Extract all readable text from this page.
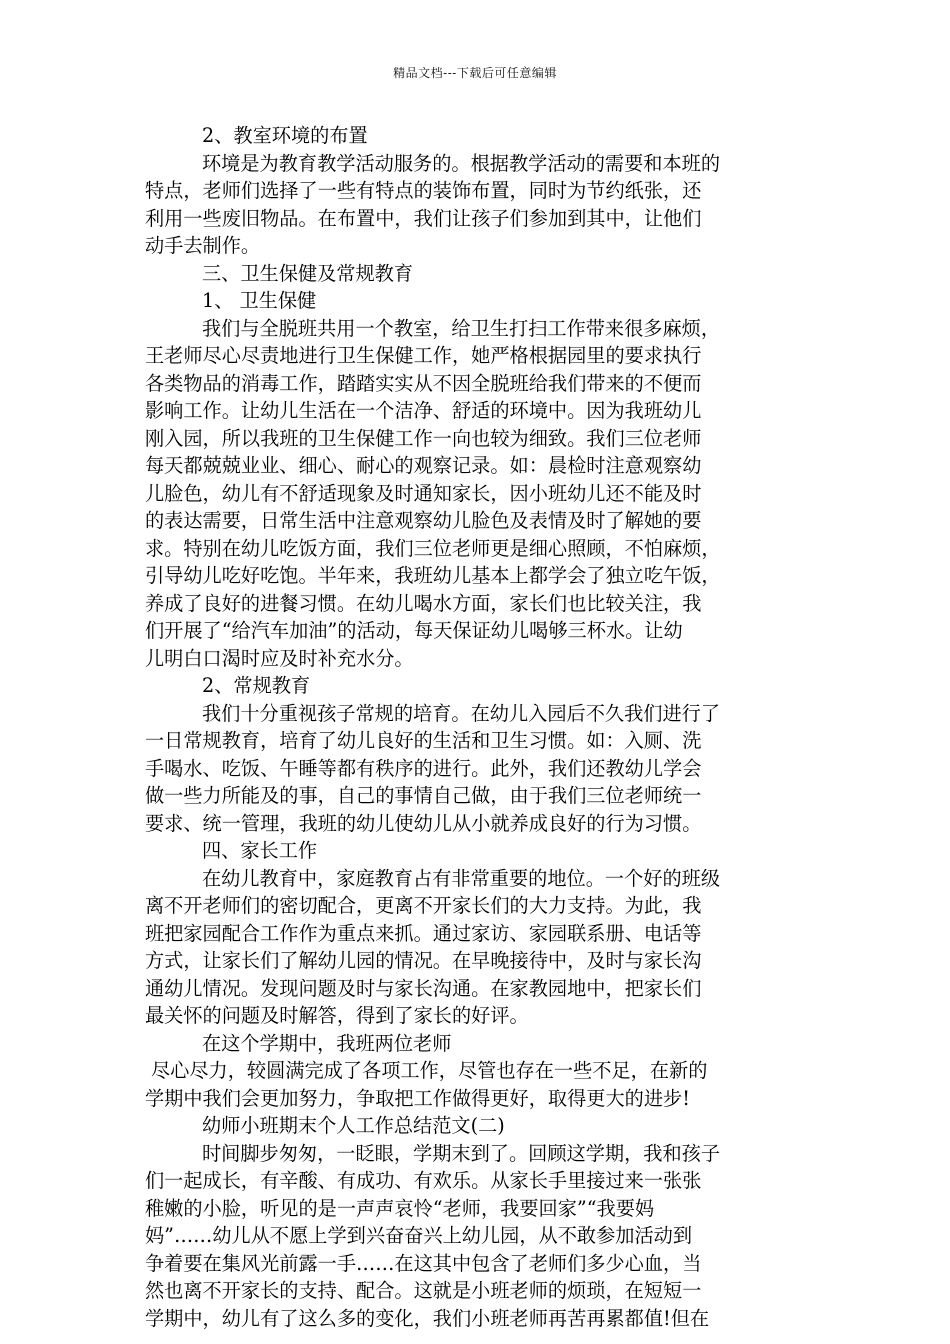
精品文档---下载后可任意编辑
2、教室环境的布置
环境是为教育教学活动服务的。根据教学活动的需要和本班的
特点，老师们选择了一些有特点的装饰布置，同时为节约纸张，还
利用一些废旧物品。在布置中，我们让孩子们参加到其中，让他们
动手去制作。
三、卫生保健及常规教育
1、 卫生保健
我们与全脱班共用一个教室，给卫生打扫工作带来很多麻烦，
王老师尽心尽责地进行卫生保健工作，她严格根据园里的要求执行
各类物品的消毒工作，踏踏实实从不因全脱班给我们带来的不便而
影响工作。让幼儿生活在一个洁净、舒适的环境中。因为我班幼儿
刚入园，所以我班的卫生保健工作一向也较为细致。我们三位老师
每天都兢兢业业、细心、耐心的观察记录。如：晨检时注意观察幼
儿脸色，幼儿有不舒适现象及时通知家长，因小班幼儿还不能及时
的表达需要，日常生活中注意观察幼儿脸色及表情及时了解她的要
求。特别在幼儿吃饭方面，我们三位老师更是细心照顾，不怕麻烦，
引导幼儿吃好吃饱。半年来，我班幼儿基本上都学会了独立吃午饭，
养成了良好的进餐习惯。在幼儿喝水方面，家长们也比较关注，我
们开展了“给汽车加油”的活动，每天保证幼儿喝够三杯水。让幼
儿明白口渴时应及时补充水分。
2、常规教育
我们十分重视孩子常规的培育。在幼儿入园后不久我们进行了
一日常规教育，培育了幼儿良好的生活和卫生习惯。如：入厕、洗
手喝水、吃饭、午睡等都有秩序的进行。此外，我们还教幼儿学会
做一些力所能及的事，自己的事情自己做，由于我们三位老师统一
要求、统一管理，我班的幼儿使幼儿从小就养成良好的行为习惯。
四、家长工作
在幼儿教育中，家庭教育占有非常重要的地位。一个好的班级
离不开老师们的密切配合，更离不开家长们的大力支持。为此，我
班把家园配合工作作为重点来抓。通过家访、家园联系册、电话等
方式，让家长们了解幼儿园的情况。在早晚接待中，及时与家长沟
通幼儿情况。发现问题及时与家长沟通。在家教园地中，把家长们
最关怀的问题及时解答，得到了家长的好评。
在这个学期中，我班两位老师
尽心尽力，较圆满完成了各项工作，尽管也存在一些不足，在新的
学期中我们会更加努力，争取把工作做得更好，取得更大的进步!
幼师小班期末个人工作总结范文(二)
时间脚步匆匆，一眨眼，学期末到了。回顾这学期，我和孩子
们一起成长，有辛酸、有成功、有欢乐。从家长手里接过来一张张
稚嫩的小脸，听见的是一声声哀怜“老师，我要回家”“我要妈
妈”……幼儿从不愿上学到兴奋奋兴上幼儿园，从不敢参加活动到
争着要在集风光前露一手……在这其中包含了老师们多少心血，当
然也离不开家长的支持、配合。这就是小班老师的烦琐，在短短一
学期中，幼儿有了这么多的变化，我们小班老师再苦再累都值!但在
